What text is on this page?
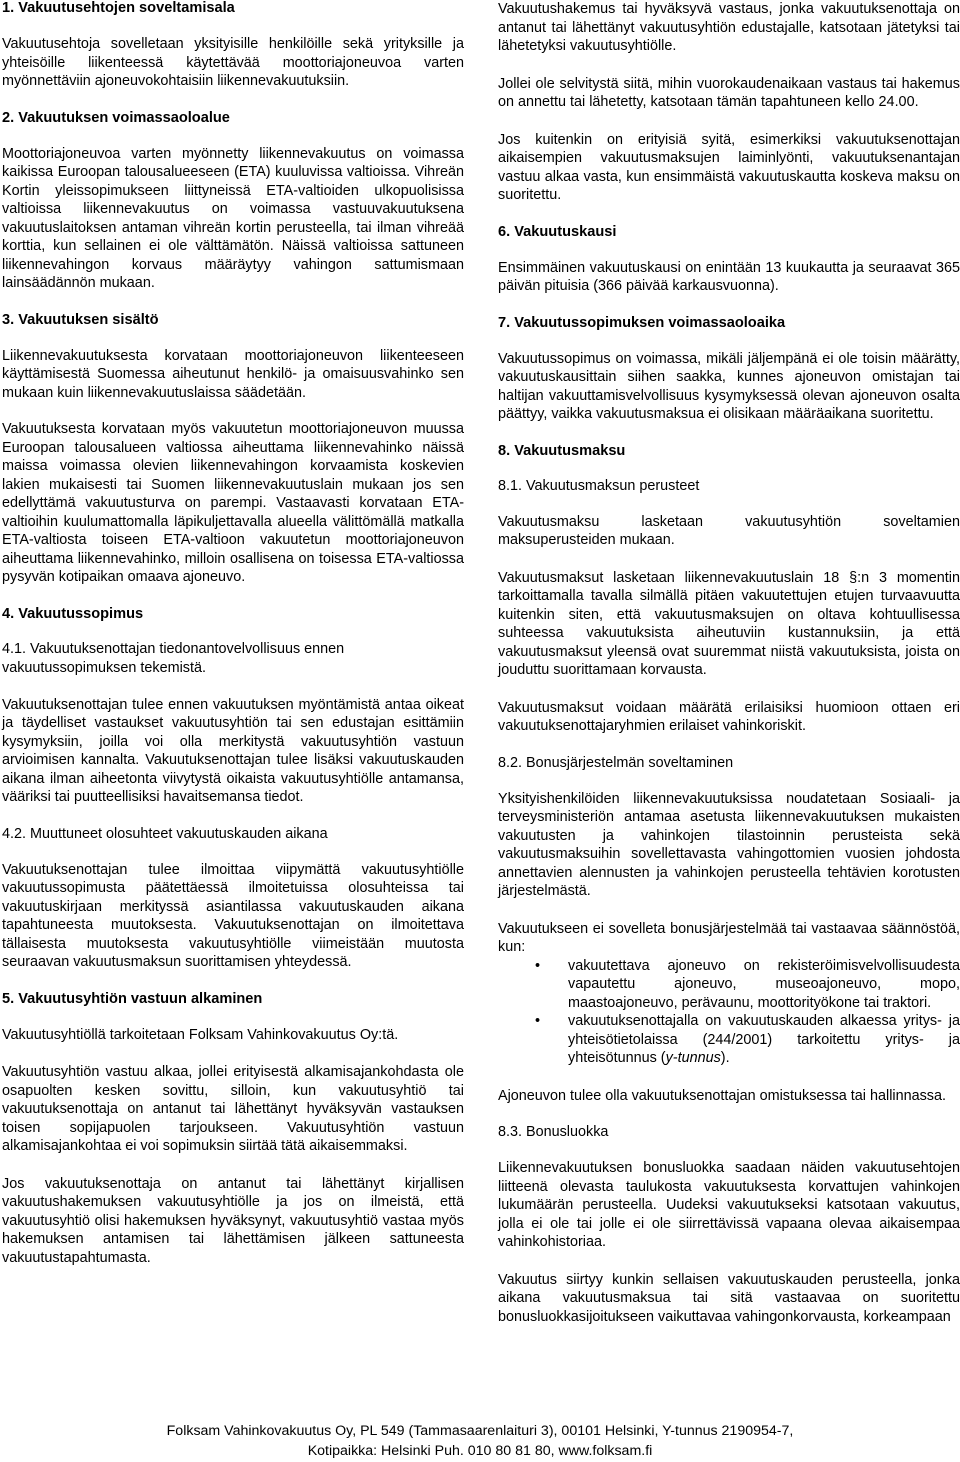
1. Vakuutusehtojen soveltamisala

Vakuutusehtoja sovelletaan yksityisille henkilöille sekä yrityksille ja yhteisöille liikenteessä käytettävää moottoriajoneuvoa varten myönnettäviin ajoneuvokohtaisiin liikennevakuutuksiin.

2. Vakuutuksen voimassaoloalue

Moottoriajoneuvoa varten myönnetty liikennevakuutus on voimassa kaikissa Euroopan talousalueeseen (ETA) kuuluvissa valtioissa. Vihreän Kortin yleissopimukseen liittyneissä ETA-valtioiden ulkopuolisissa valtioissa liikennevakuutus on voimassa vastuuvakuutuksena vakuutuslaitoksen antaman vihreän kortin perusteella, tai ilman vihreää korttia, kun sellainen ei ole välttämätön. Näissä valtioissa sattuneen liikennevahingon korvaus määräytyy vahingon sattumismaan lainsäädännön mukaan.

3. Vakuutuksen sisältö

Liikennevakuutuksesta korvataan moottoriajoneuvon liikenteeseen käyttämisestä Suomessa aiheutunut henkilö- ja omaisuusvahinko sen mukaan kuin liikennevakuutuslaissa säädetään.

Vakuutuksesta korvataan myös vakuutetun moottoriajoneuvon muussa Euroopan talousalueen valtiossa aiheuttama liikennevahinko näissä maissa voimassa olevien liikennevahingon korvaamista koskevien lakien mukaisesti tai Suomen liikennevakuutuslain mukaan jos sen edellyttämä vakuutusturva on parempi. Vastaavasti korvataan ETA-valtioihin kuulumattomalla läpikuljettavalla alueella välittömällä matkalla ETA-valtiosta toiseen ETA-valtioon vakuutetun moottoriajoneuvon aiheuttama liikennevahinko, milloin osallisena on toisessa ETA-valtiossa pysyvän kotipaikan omaava ajoneuvo.

4. Vakuutussopimus
4.1. Vakuutuksenottajan tiedonantovelvollisuus ennen vakuutussopimuksen tekemistä.

Vakuutuksenottajan tulee ennen vakuutuksen myöntämistä antaa oikeat ja täydelliset vastaukset vakuutusyhtiön tai sen edustajan esittämiin kysymyksiin, joilla voi olla merkitystä vakuutusyhtiön vastuun arvioimisen kannalta. Vakuutuksenottajan tulee lisäksi vakuutuskauden aikana ilman aiheetonta viivytystä oikaista vakuutusyhtiölle antamansa, vääriksi tai puutteellisiksi havaitsemansa tiedot.

4.2. Muuttuneet olosuhteet vakuutuskauden aikana

Vakuutuksenottajan tulee ilmoittaa viipymättä vakuutusyhtiölle vakuutussopimusta päätettäessä ilmoitetuissa olosuhteissa tai vakuutuskirjaan merkityssä asiantilassa vakuutuskauden aikana tapahtuneesta muutoksesta. Vakuutuksenottajan on ilmoitettava tällaisesta muutoksesta vakuutusyhtiölle viimeistään muutosta seuraavan vakuutusmaksun suorittamisen yhteydessä.

5. Vakuutusyhtiön vastuun alkaminen

Vakuutusyhtiöllä tarkoitetaan Folksam Vahinkovakuutus Oy:tä.

Vakuutusyhtiön vastuu alkaa, jollei erityisestä alkamisajankohdasta ole osapuolten kesken sovittu, silloin, kun vakuutusyhtiö tai vakuutuksenottaja on antanut tai lähettänyt hyväksyvän vastauksen toisen sopijapuolen tarjoukseen. Vakuutusyhtiön vastuun alkamisajankohtaa ei voi sopimuksin siirtää tätä aikaisemmaksi.

Jos vakuutuksenottaja on antanut tai lähettänyt kirjallisen vakuutushakemuksen vakuutusyhtiölle ja jos on ilmeistä, että vakuutusyhtiö olisi hakemuksen hyväksynyt, vakuutusyhtiö vastaa myös hakemuksen antamisen tai lähettämisen jälkeen sattuneesta vakuutustapahtumasta.

Vakuutushakemus tai hyväksyvä vastaus, jonka vakuutuksenottaja on antanut tai lähettänyt vakuutusyhtiön edustajalle, katsotaan jätetyksi tai lähetetyksi vakuutusyhtiölle.

Jollei ole selvitystä siitä, mihin vuorokaudenaikaan vastaus tai hakemus on annettu tai lähetetty, katsotaan tämän tapahtuneen kello 24.00.

Jos kuitenkin on erityisiä syitä, esimerkiksi vakuutuksenottajan aikaisempien vakuutusmaksujen laiminlyönti, vakuutuksenantajan vastuu alkaa vasta, kun ensimmäistä vakuutuskautta koskeva maksu on suoritettu.

6. Vakuutuskausi

Ensimmäinen vakuutuskausi on enintään 13 kuukautta ja seuraavat 365 päivän pituisia (366 päivää karkausvuonna).

7. Vakuutussopimuksen voimassaoloaika

Vakuutussopimus on voimassa, mikäli jäljempänä ei ole toisin määrätty, vakuutuskausittain siihen saakka, kunnes ajoneuvon omistajan tai haltijan vakuuttamisvelvollisuus kysymyksessä olevan ajoneuvon osalta päättyy, vaikka vakuutusmaksua ei olisikaan määräaikana suoritettu.

8. Vakuutusmaksu
8.1. Vakuutusmaksun perusteet

Vakuutusmaksu lasketaan vakuutusyhtiön soveltamien maksuperusteiden mukaan.

Vakuutusmaksut lasketaan liikennevakuutuslain 18 §:n 3 momentin tarkoittamalla tavalla silmällä pitäen vakuutettujen etujen turvaavuutta kuitenkin siten, että vakuutusmaksujen on oltava kohtuullisessa suhteessa vakuutuksista aiheutuviin kustannuksiin, ja että vakuutusmaksut yleensä ovat suuremmat niistä vakuutuksista, joista on jouduttu suorittamaan korvausta.

Vakuutusmaksut voidaan määrätä erilaisiksi huomioon ottaen eri vakuutuksenottajaryhmien erilaiset vahinkoriskit.

8.2. Bonusjärjestelmän soveltaminen

Yksityishenkilöiden liikennevakuutuksissa noudatetaan Sosiaali- ja terveysministeriön antamaa asetusta liikennevakuutuksen mukaisten vakuutusten ja vahinkojen tilastoinnin perusteista sekä vakuutusmaksuihin sovellettavasta vahingottomien vuosien johdosta annettavien alennusten ja vahinkojen perusteella tehtävien korotusten järjestelmästä.

Vakuutukseen ei sovelleta bonusjärjestelmää tai vastaavaa säännöstöä, kun:

• vakuutettava ajoneuvo on rekisteröimisvelvollisuudesta vapautettu ajoneuvo, museoajoneuvo, mopo, maastoajoneuvo, perävaunu, moottorityökone tai traktori.
• vakuutuksenottajalla on vakuutuskauden alkaessa yritys- ja yhteisötietolaissa (244/2001) tarkoitettu yritys- ja yhteisötunnus (y-tunnus).

Ajoneuvon tulee olla vakuutuksenottajan omistuksessa tai hallinnassa.

8.3. Bonusluokka

Liikennevakuutuksen bonusluokka saadaan näiden vakuutusehtojen liitteenä olevasta taulukosta vakuutuksesta korvattujen vahinkojen lukumäärän perusteella. Uudeksi vakuutukseksi katsotaan vakuutus, jolla ei ole tai jolle ei ole siirrettävissä vapaana olevaa aikaisempaa vahinkohistoriaa.

Vakuutus siirtyy kunkin sellaisen vakuutuskauden perusteella, jonka aikana vakuutusmaksua tai sitä vastaavaa on suoritettu bonusluokkasijoitukseen vaikuttavaa vahingonkorvausta, korkeampaan

Folksam Vahinkovakuutus Oy, PL 549 (Tammasaarenlaituri 3), 00101 Helsinki, Y-tunnus 2190954-7,
Kotipaikka: Helsinki Puh. 010 80 81 80, www.folksam.fi
